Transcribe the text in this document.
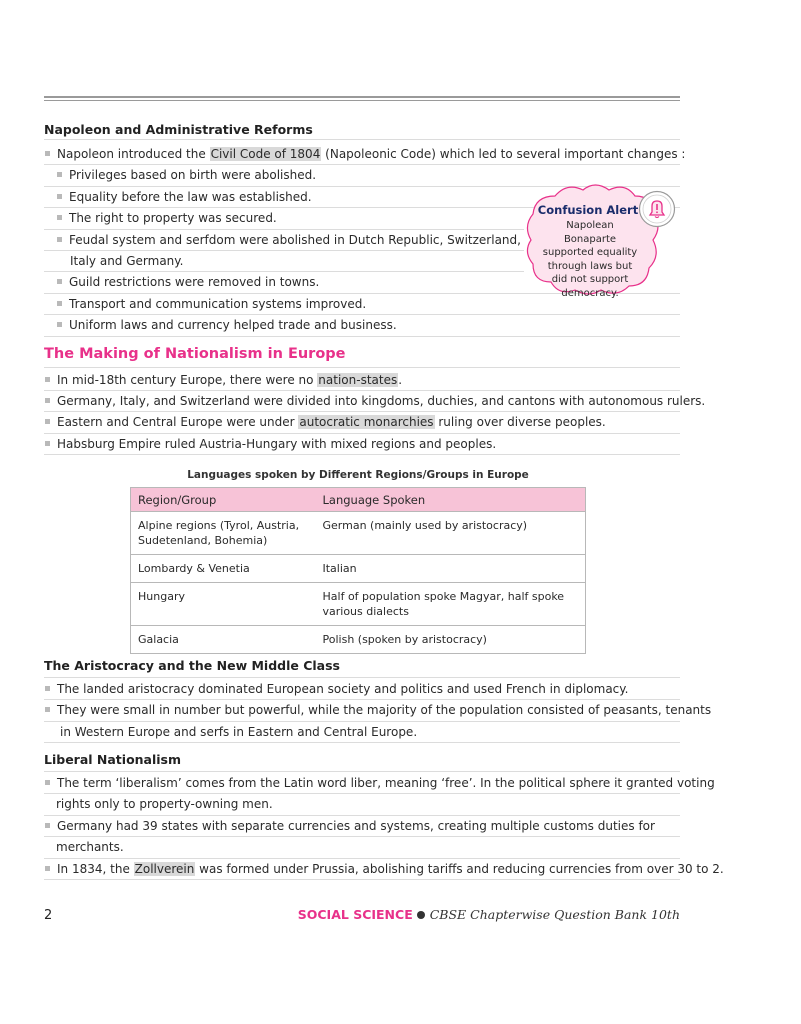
Napoleon and Administrative Reforms
Napoleon introduced the Civil Code of 1804 (Napoleonic Code) which led to several important changes :
Privileges based on birth were abolished.
Equality before the law was established.
The right to property was secured.
Feudal system and serfdom were abolished in Dutch Republic, Switzerland,
Italy and Germany.
Guild restrictions were removed in towns.
Transport and communication systems improved.
Uniform laws and currency helped trade and business.
Confusion Alert
Napolean Bonaparte
supported equality
through laws but
did not support
democracy.
The Making of Nationalism in Europe
In mid-18th century Europe, there were no nation-states.
Germany, Italy, and Switzerland were divided into kingdoms, duchies, and cantons with autonomous rulers.
Eastern and Central Europe were under autocratic monarchies ruling over diverse peoples.
Habsburg Empire ruled Austria-Hungary with mixed regions and peoples.
Languages spoken by Different Regions/Groups in Europe
Region/Group	Language Spoken
Alpine regions (Tyrol, Austria, Sudetenland, Bohemia)	German (mainly used by aristocracy)
Lombardy & Venetia	Italian
Hungary	Half of population spoke Magyar, half spoke various dialects
Galacia	Polish (spoken by aristocracy)
The Aristocracy and the New Middle Class
The landed aristocracy dominated European society and politics and used French in diplomacy.
They were small in number but powerful, while the majority of the population consisted of peasants, tenants
in Western Europe and serfs in Eastern and Central Europe.
Liberal Nationalism
The term ‘liberalism’ comes from the Latin word liber, meaning ‘free’. In the political sphere it granted voting
rights only to property-owning men.
Germany had 39 states with separate currencies and systems, creating multiple customs duties for
merchants.
In 1834, the Zollverein was formed under Prussia, abolishing tariffs and reducing currencies from over 30 to 2.
2	SOCIAL SCIENCE CBSE Chapterwise Question Bank 10th
